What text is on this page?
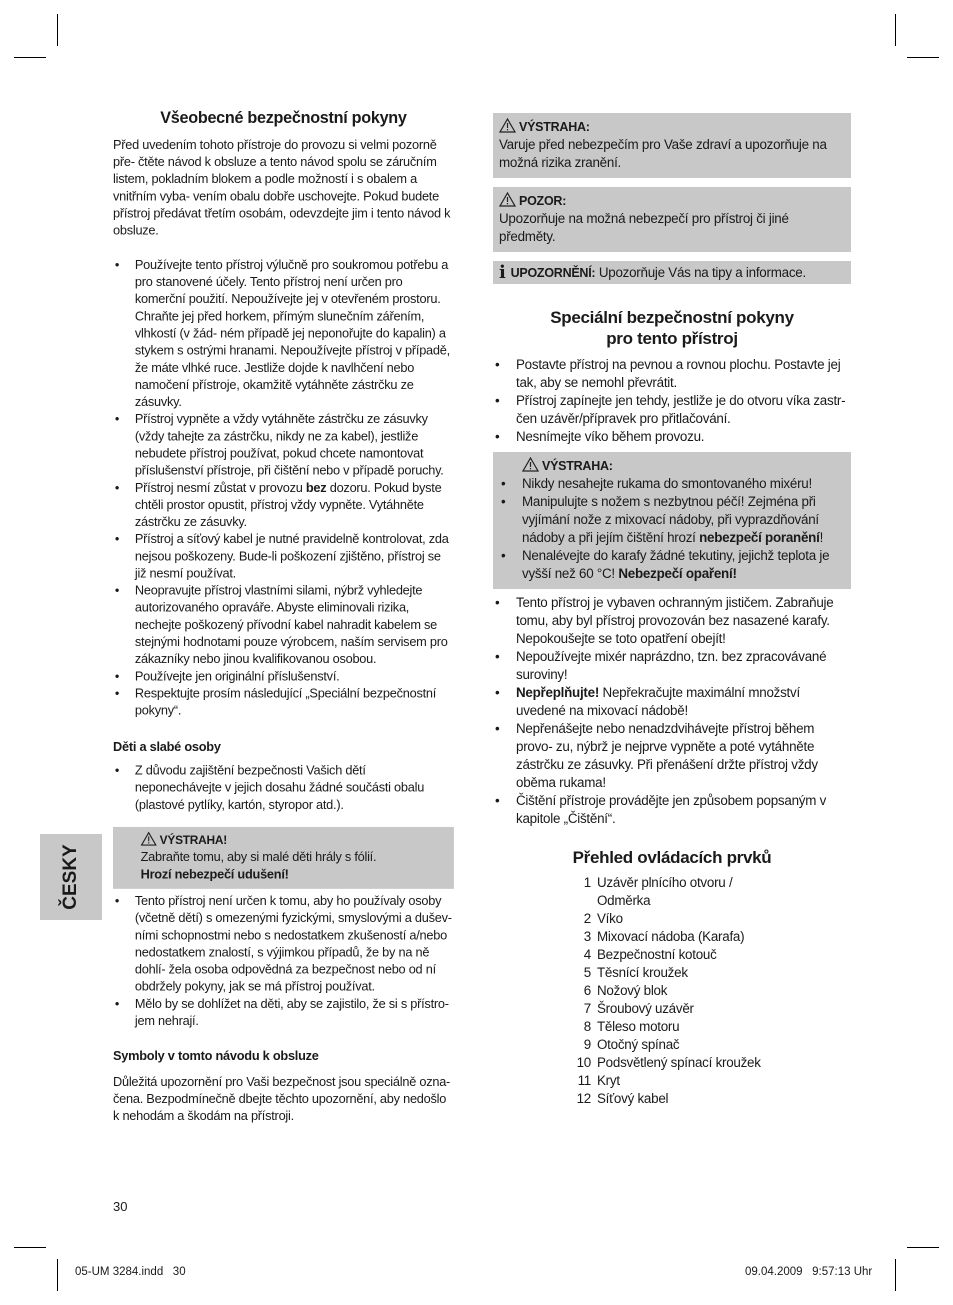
Všeobecné bezpečnostní pokyny

Před uvedením tohoto přístroje do provozu si velmi pozorně pře- čtěte návod k obsluze a tento návod spolu se záručním listem, pokladním blokem a podle možností i s obalem a vnitřním vyba- vením obalu dobře uschovejte. Pokud budete přístroj předávat třetím osobám, odevzdejte jim i tento návod k obsluze.

• Používejte tento přístroj výlučně pro soukromou potřebu a pro stanovené účely. Tento přístroj není určen pro komerční použití. Nepoužívejte jej v otevřeném prostoru. Chraňte jej před horkem, přímým slunečním zářením, vlhkostí (v žád- ném případě jej neponořujte do kapalin) a stykem s ostrými hranami. Nepoužívejte přístroj v případě, že máte vlhké ruce. Jestliže dojde k navlhčení nebo namočení přístroje, okamžitě vytáhněte zástrčku ze zásuvky.
• Přístroj vypněte a vždy vytáhněte zástrčku ze zásuvky (vždy tahejte za zástrčku, nikdy ne za kabel), jestliže nebudete přístroj používat, pokud chcete namontovat příslušenství přístroje, při čištění nebo v případě poruchy.
• Přístroj nesmí zůstat v provozu bez dozoru. Pokud byste chtěli prostor opustit, přístroj vždy vypněte. Vytáhněte zástrčku ze zásuvky.
• Přístroj a síťový kabel je nutné pravidelně kontrolovat, zda nejsou poškozeny. Bude-li poškození zjištěno, přístroj se již nesmí používat.
• Neopravujte přístroj vlastními silami, nýbrž vyhledejte autorizovaného opraváře. Abyste eliminovali rizika, nechejte poškozený přívodní kabel nahradit kabelem se stejnými hodnotami pouze výrobcem, naším servisem pro zákazníky nebo jinou kvalifikovanou osobou.
• Používejte jen originální příslušenství.
• Respektujte prosím následující „Speciální bezpečnostní pokyny“.
Děti a slabé osoby
• Z důvodu zajištění bezpečnosti Vašich dětí neponechávejte v jejich dosahu žádné součásti obalu (plastové pytlíky, kartón, styropor atd.).
VÝSTRAHA!
Zabraňte tomu, aby si malé děti hrály s fólií.
Hrozí nebezpečí udušení!
• Tento přístroj není určen k tomu, aby ho používaly osoby (včetně dětí) s omezenými fyzickými, smyslovými a dušev- ními schopnostmi nebo s nedostatkem zkušeností a/nebo nedostatkem znalostí, s výjimkou případů, že by na ně dohlí- žela osoba odpovědná za bezpečnost nebo od ní obdržely pokyny, jak se má přístroj používat.
• Mělo by se dohlížet na děti, aby se zajistilo, že si s přístro- jem nehrají.
Symboly v tomto návodu k obsluze

Důležitá upozornění pro Vaši bezpečnost jsou speciálně ozna- čena. Bezpodmínečně dbejte těchto upozornění, aby nedošlo k nehodám a škodám na přístroji.

VÝSTRAHA:
Varuje před nebezpečím pro Vaše zdraví a upozorňuje na možná rizika zranění.
POZOR:
Upozorňuje na možná nebezpečí pro přístroj či jiné předměty.
i UPOZORNĚNÍ: Upozorňuje Vás na tipy a informace.
Speciální bezpečnostní pokyny
pro tento přístroj
• Postavte přístroj na pevnou a rovnou plochu. Postavte jej tak, aby se nemohl převrátit.
• Přístroj zapínejte jen tehdy, jestliže je do otvoru víka zastr- čen uzávěr/přípravek pro přitlačování.
• Nesnímejte víko během provozu.
VÝSTRAHA:
• Nikdy nesahejte rukama do smontovaného mixéru!
• Manipulujte s nožem s nezbytnou péčí! Zejména při vyjímání nože z mixovací nádoby, při vyprazdňování nádoby a při jejím čištění hrozí nebezpečí poranění!
• Nenalévejte do karafy žádné tekutiny, jejichž teplota je vyšší než 60 °C! Nebezpečí opaření!
• Tento přístroj je vybaven ochranným jističem. Zabraňuje tomu, aby byl přístroj provozován bez nasazené karafy. Nepokoušejte se toto opatření obejít!
• Nepoužívejte mixér naprázdno, tzn. bez zpracovávané suroviny!
• Nepřeplňujte! Nepřekračujte maximální množství uvedené na mixovací nádobě!
• Nepřenášejte nebo nenadzdvihávejte přístroj během provo- zu, nýbrž je nejprve vypněte a poté vytáhněte zástrčku ze zásuvky. Při přenášení držte přístroj vždy oběma rukama!
• Čištění přístroje provádějte jen způsobem popsaným v kapitole „Čištění“.
Přehled ovládacích prvků
1 Uzávěr plnícího otvoru /
Odměrka
2 Víko
3 Mixovací nádoba (Karafa)
4 Bezpečnostní kotouč
5 Těsnící kroužek
6 Nožový blok
7 Šroubový uzávěr
8 Těleso motoru
9 Otočný spínač
10 Podsvětlený spínací kroužek
11 Kryt
12 Síťový kabel
ČESKY
30
05-UM 3284.indd   30	09.04.2009   9:57:13 Uhr
